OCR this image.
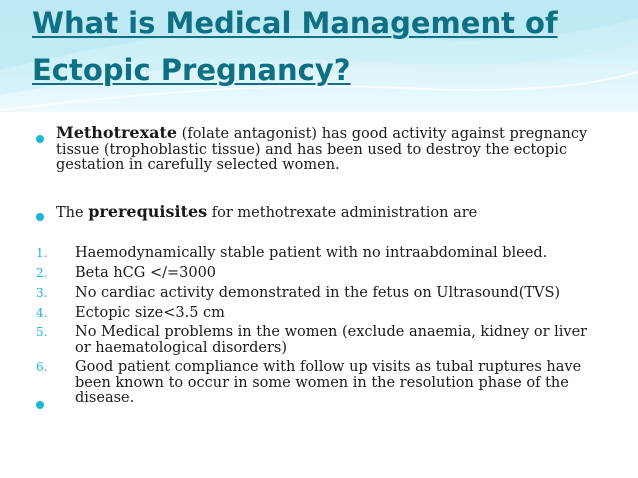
What is Medical Management of
Ectopic Pregnancy?
Methotrexate (folate antagonist) has good activity against pregnancy tissue (trophoblastic tissue) and has been used to destroy the ectopic gestation in carefully selected women.
The prerequisites for methotrexate administration are
1. Haemodynamically stable patient with no intraabdominal bleed.
2. Beta hCG </=3000
3. No cardiac activity demonstrated in the fetus on Ultrasound(TVS)
4. Ectopic size<3.5 cm
5. No Medical problems in the women (exclude anaemia, kidney or liver or haematological disorders)
6. Good patient compliance with follow up visits as tubal ruptures have been known to occur in some women in the resolution phase of the disease.
